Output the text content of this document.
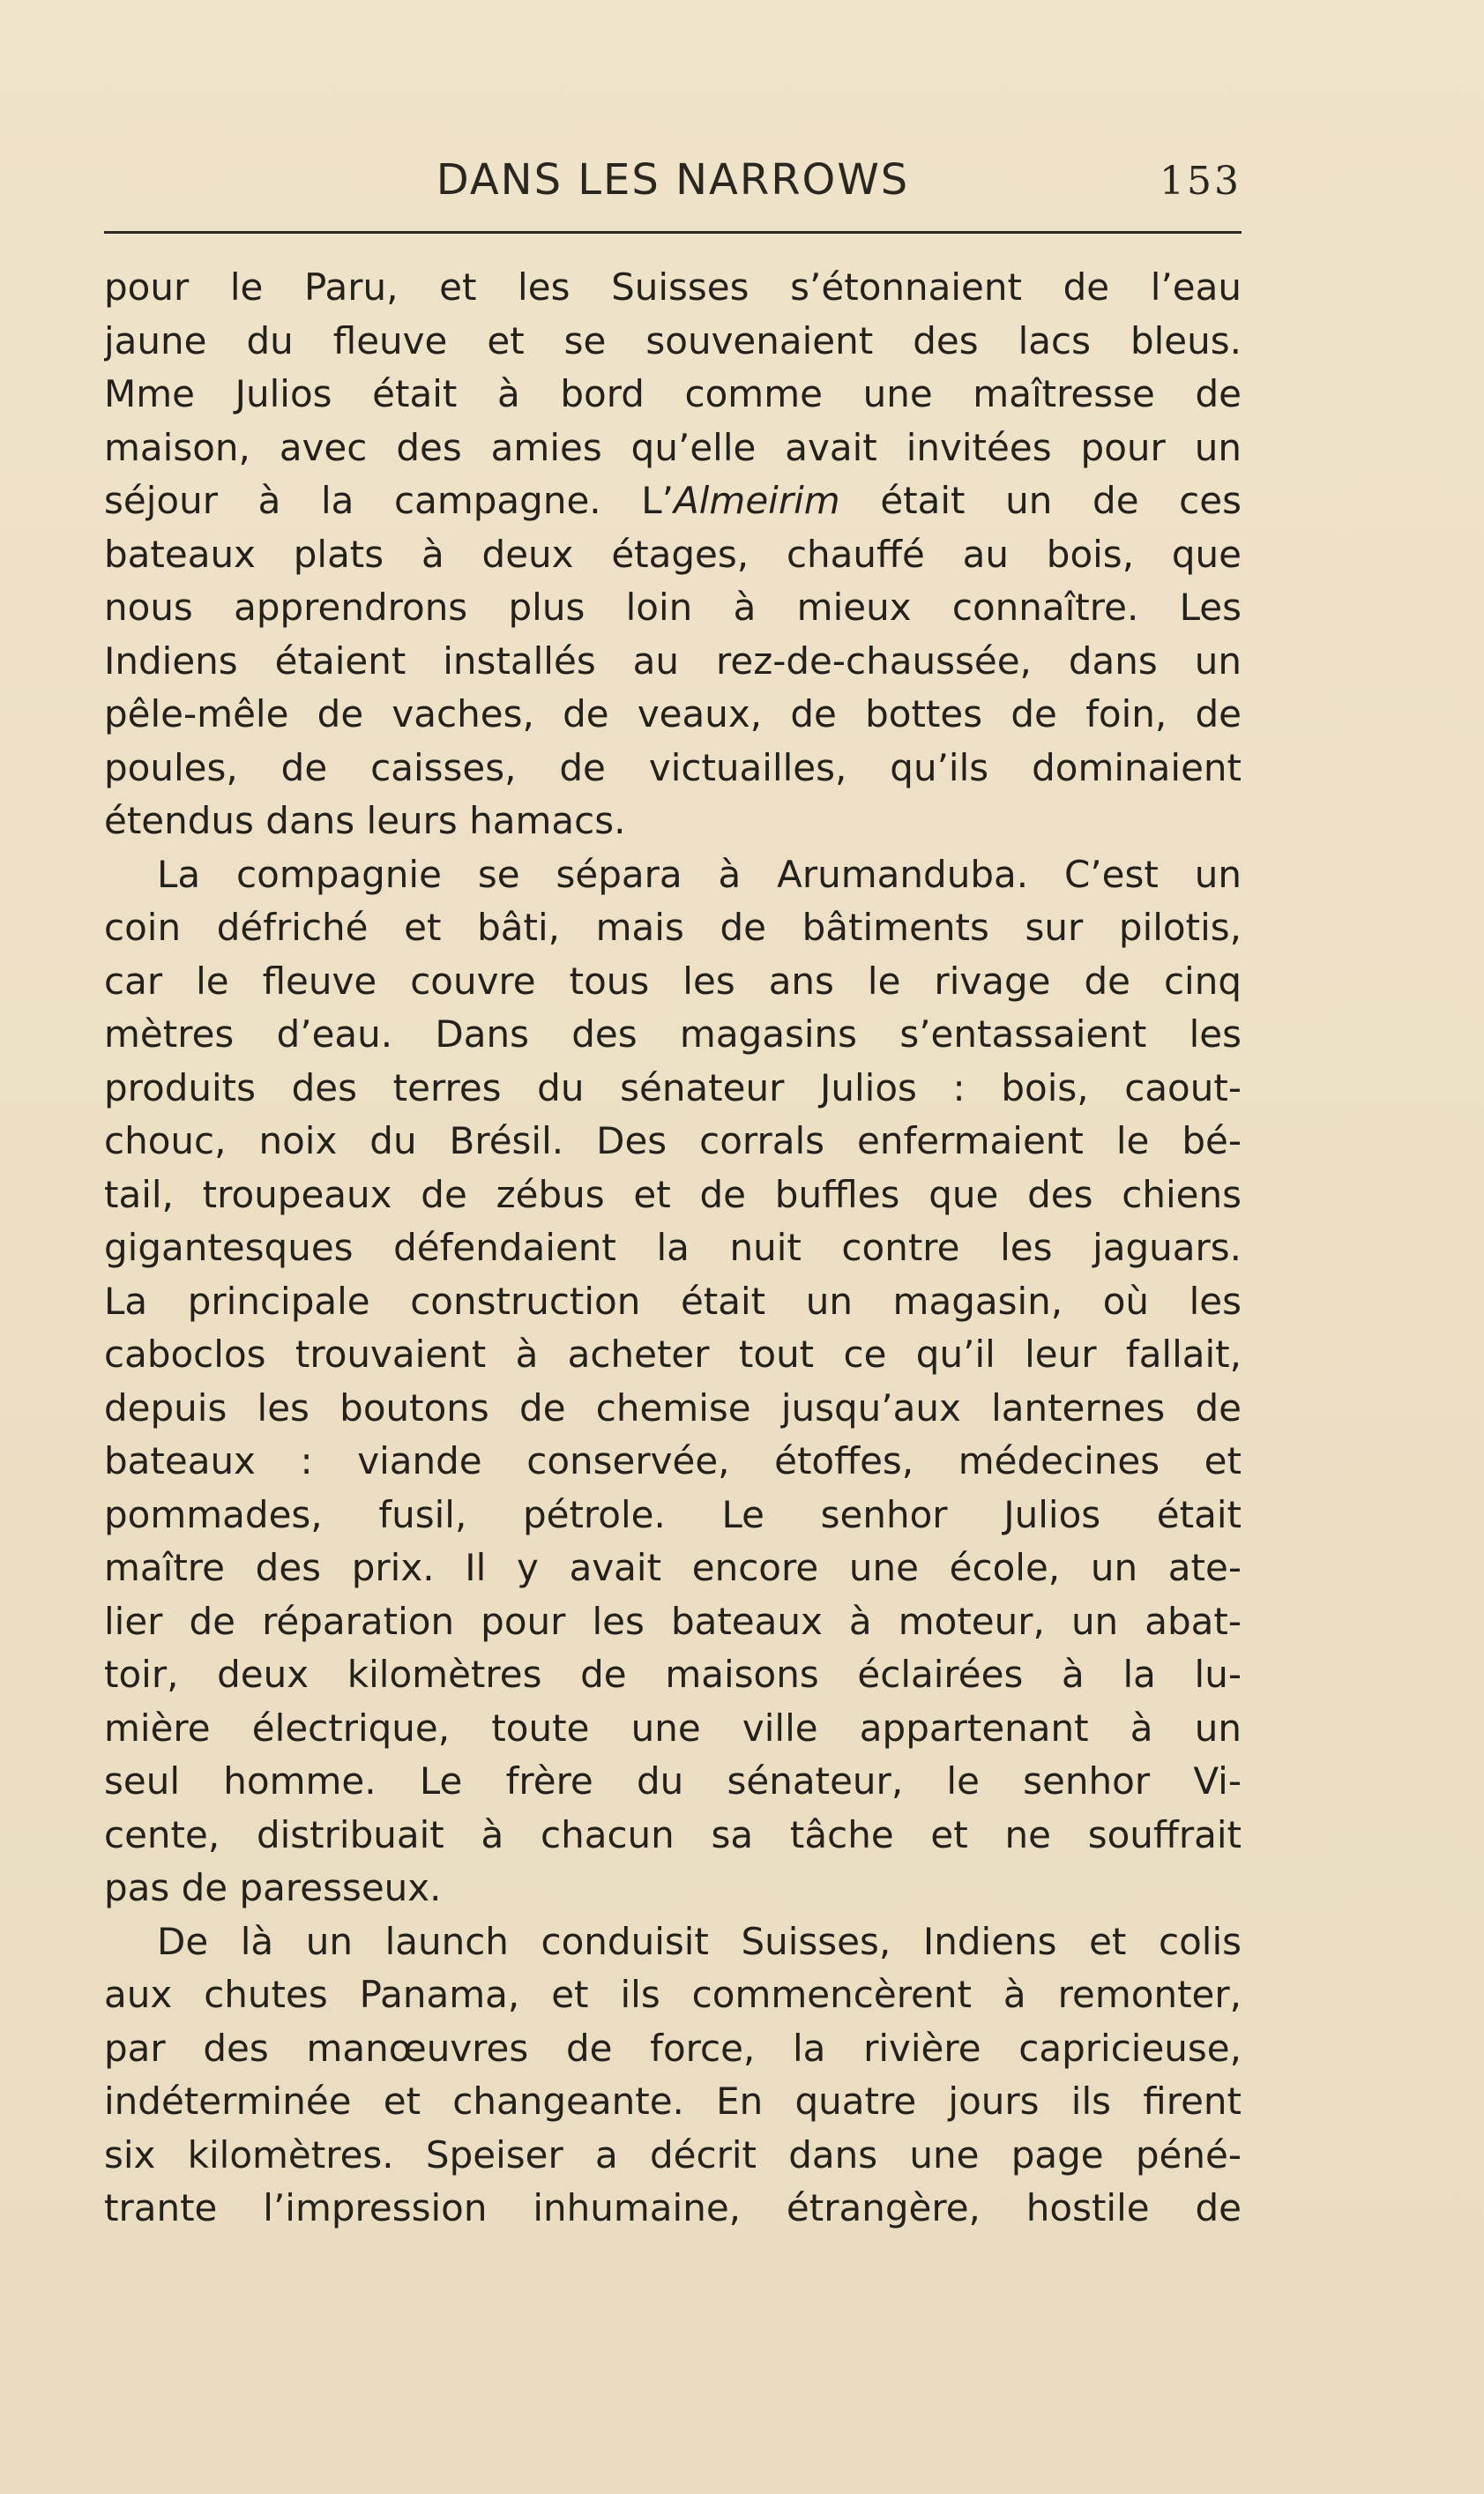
DANS LES NARROWS	153
pour le Paru, et les Suisses s’étonnaient de l’eau
jaune du fleuve et se souvenaient des lacs bleus.
Mme Julios était à bord comme une maîtresse de
maison, avec des amies qu’elle avait invitées pour un
séjour à la campagne. L’Almeirim était un de ces
bateaux plats à deux étages, chauffé au bois, que
nous apprendrons plus loin à mieux connaître. Les
Indiens étaient installés au rez-de-chaussée, dans un
pêle-mêle de vaches, de veaux, de bottes de foin, de
poules, de caisses, de victuailles, qu’ils dominaient
étendus dans leurs hamacs.
La compagnie se sépara à Arumanduba. C’est un
coin défriché et bâti, mais de bâtiments sur pilotis,
car le fleuve couvre tous les ans le rivage de cinq
mètres d’eau. Dans des magasins s’entassaient les
produits des terres du sénateur Julios : bois, caout-
chouc, noix du Brésil. Des corrals enfermaient le bé-
tail, troupeaux de zébus et de buffles que des chiens
gigantesques défendaient la nuit contre les jaguars.
La principale construction était un magasin, où les
caboclos trouvaient à acheter tout ce qu’il leur fallait,
depuis les boutons de chemise jusqu’aux lanternes de
bateaux : viande conservée, étoffes, médecines et
pommades, fusil, pétrole. Le senhor Julios était
maître des prix. Il y avait encore une école, un ate-
lier de réparation pour les bateaux à moteur, un abat-
toir, deux kilomètres de maisons éclairées à la lu-
mière électrique, toute une ville appartenant à un
seul homme. Le frère du sénateur, le senhor Vi-
cente, distribuait à chacun sa tâche et ne souffrait
pas de paresseux.
De là un launch conduisit Suisses, Indiens et colis
aux chutes Panama, et ils commencèrent à remonter,
par des manœuvres de force, la rivière capricieuse,
indéterminée et changeante. En quatre jours ils firent
six kilomètres. Speiser a décrit dans une page péné-
trante l’impression inhumaine, étrangère, hostile de
